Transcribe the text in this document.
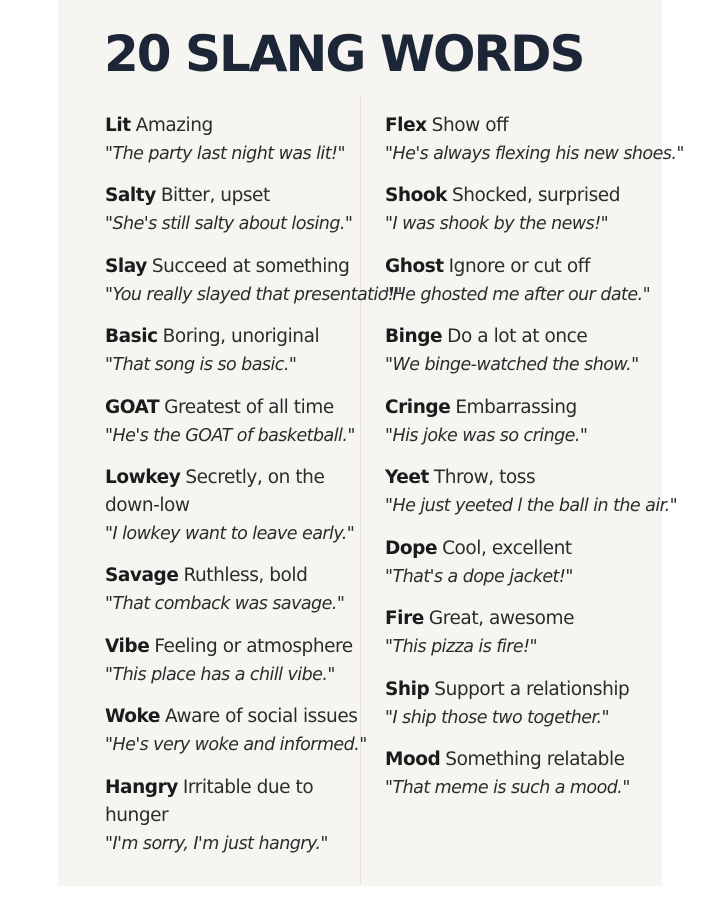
20 SLANG WORDS
Lit Amazing
"The party last night was lit!"
Salty Bitter, upset
"She's still salty about losing."
Slay Succeed at something
"You really slayed that presentatio!"
Basic Boring, unoriginal
"That song is so basic."
GOAT Greatest of all time
"He's the GOAT of basketball."
Lowkey Secretly, on the
down-low
"I lowkey want to leave early."
Savage Ruthless, bold
"That comback was savage."
Vibe Feeling or atmosphere
"This place has a chill vibe."
Woke Aware of social issues
"He's very woke and informed."
Hangry Irritable due to
hunger
"I'm sorry, I'm just hangry."
Flex Show off
"He's always flexing his new shoes."
Shook Shocked, surprised
"I was shook by the news!"
Ghost Ignore or cut off
"He ghosted me after our date."
Binge Do a lot at once
"We binge-watched the show."
Cringe Embarrassing
"His joke was so cringe."
Yeet Throw, toss
"He just yeeted l the ball in the air."
Dope Cool, excellent
"That's a dope jacket!"
Fire Great, awesome
"This pizza is fire!"
Ship Support a relationship
"I ship those two together."
Mood Something relatable
"That meme is such a mood."
